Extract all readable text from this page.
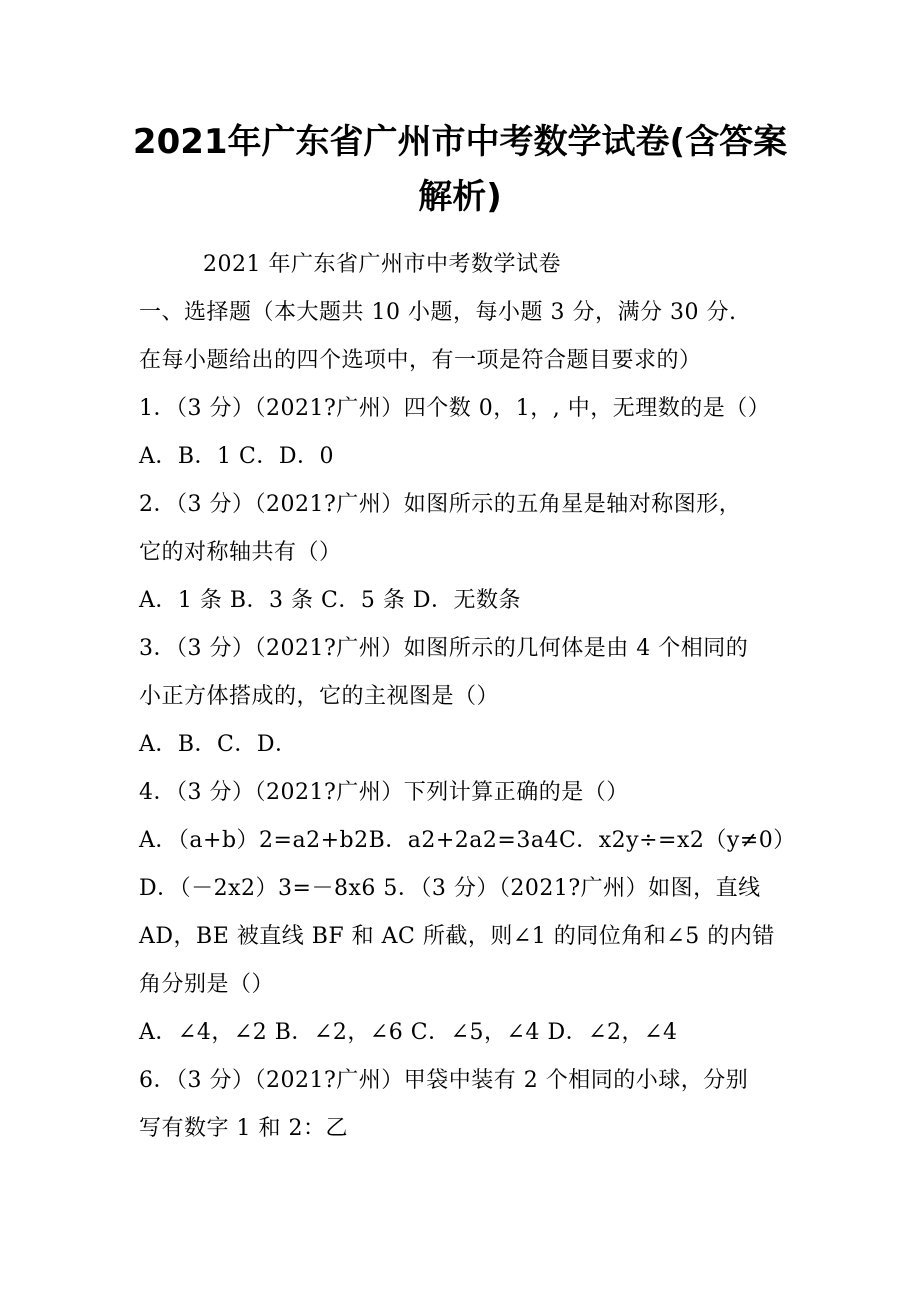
2021年广东省广州市中考数学试卷(含答案
解析)
2021 年广东省广州市中考数学试卷
一、选择题（本大题共 10 小题，每小题 3 分，满分 30 分.
在每小题给出的四个选项中，有一项是符合题目要求的）
1．（3 分）（2021?广州）四个数 0，1，, 中，无理数的是（）
A．B．1 C．D．0
2．（3 分）（2021?广州）如图所示的五角星是轴对称图形，
它的对称轴共有（）
A．1 条 B．3 条 C．5 条 D．无数条
3．（3 分）（2021?广州）如图所示的几何体是由 4 个相同的
小正方体搭成的，它的主视图是（）
A．B．C．D．
4．（3 分）（2021?广州）下列计算正确的是（）
A．（a+b）2=a2+b2B．a2+2a2=3a4C．x2y÷=x2（y≠0）
D．（－2x2）3=－8x6 5．（3 分）（2021?广州）如图，直线
AD，BE 被直线 BF 和 AC 所截，则∠1 的同位角和∠5 的内错
角分别是（）
A．∠4，∠2 B．∠2，∠6 C．∠5，∠4 D．∠2，∠4
6．（3 分）（2021?广州）甲袋中装有 2 个相同的小球，分别
写有数字 1 和 2：乙
